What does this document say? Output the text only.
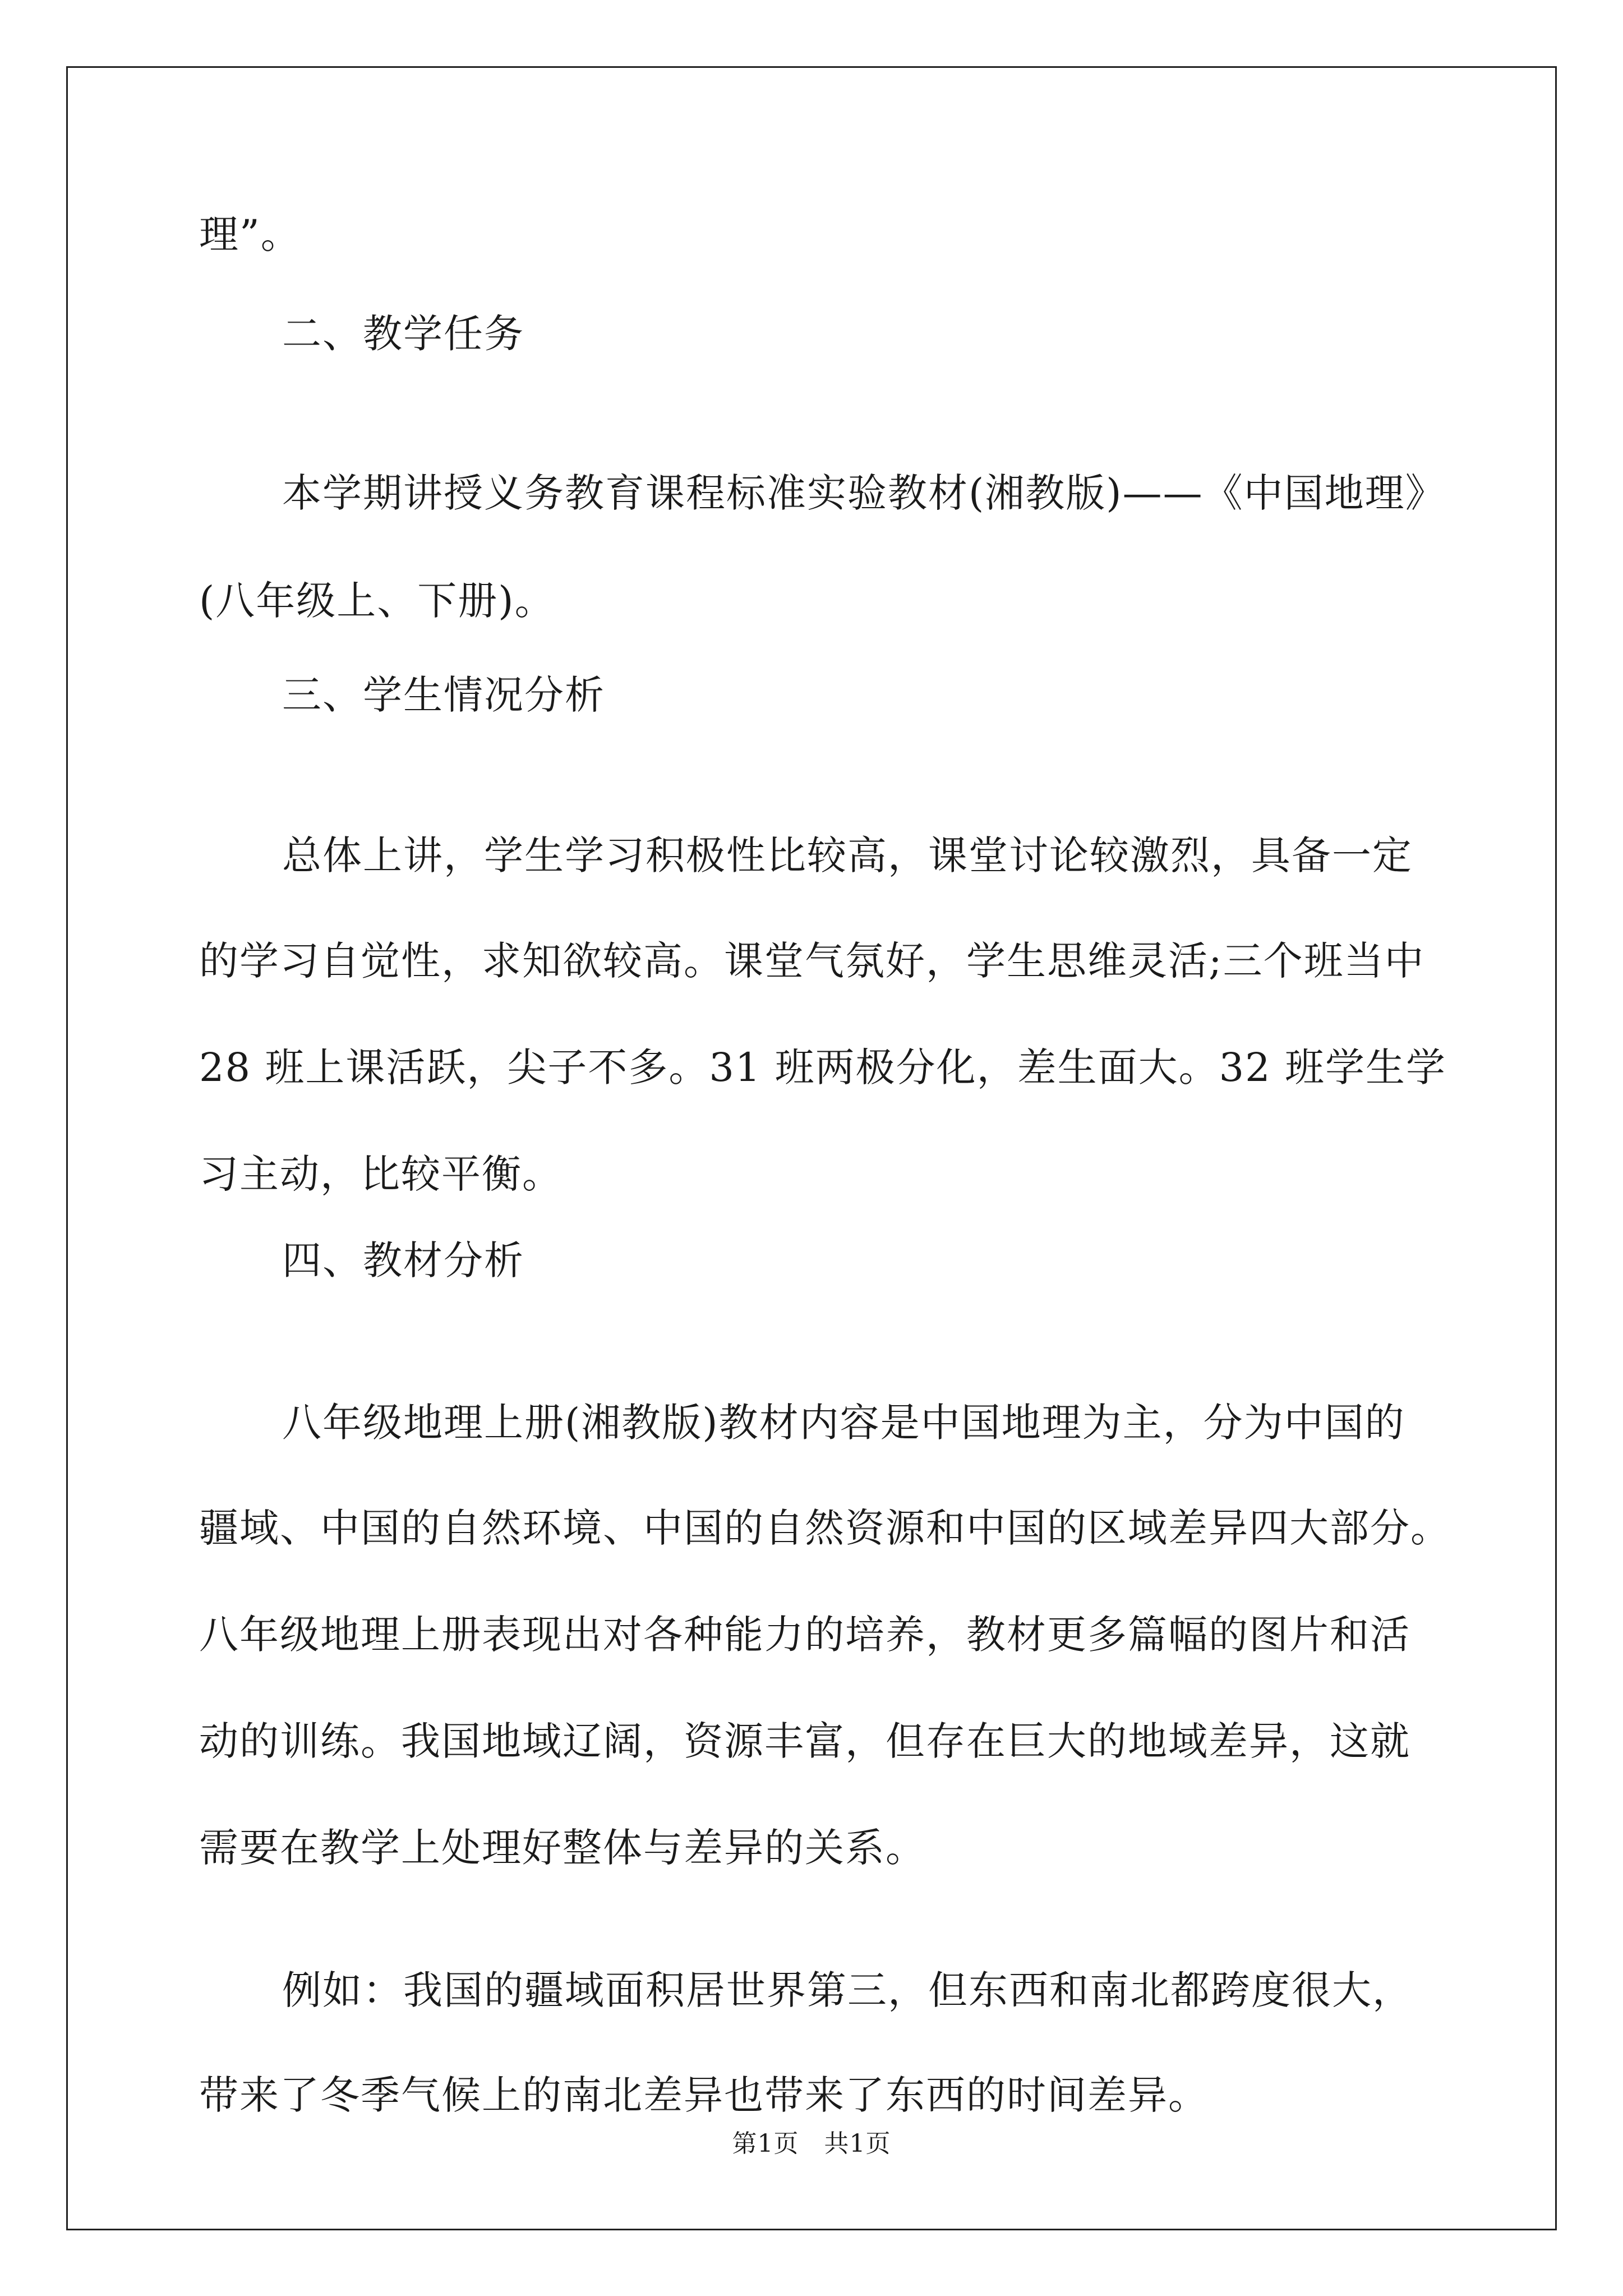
理”。
二、教学任务
本学期讲授义务教育课程标准实验教材(湘教版)——《中国地理》
(八年级上、下册)。
三、学生情况分析
总体上讲，学生学习积极性比较高，课堂讨论较激烈，具备一定
的学习自觉性，求知欲较高。课堂气氛好，学生思维灵活;三个班当中
28 班上课活跃，尖子不多。31 班两极分化，差生面大。32 班学生学
习主动，比较平衡。
四、教材分析
八年级地理上册(湘教版)教材内容是中国地理为主，分为中国的
疆域、中国的自然环境、中国的自然资源和中国的区域差异四大部分。
八年级地理上册表现出对各种能力的培养，教材更多篇幅的图片和活
动的训练。我国地域辽阔，资源丰富，但存在巨大的地域差异，这就
需要在教学上处理好整体与差异的关系。
例如：我国的疆域面积居世界第三，但东西和南北都跨度很大，
带来了冬季气候上的南北差异也带来了东西的时间差异。
第1页　共1页
